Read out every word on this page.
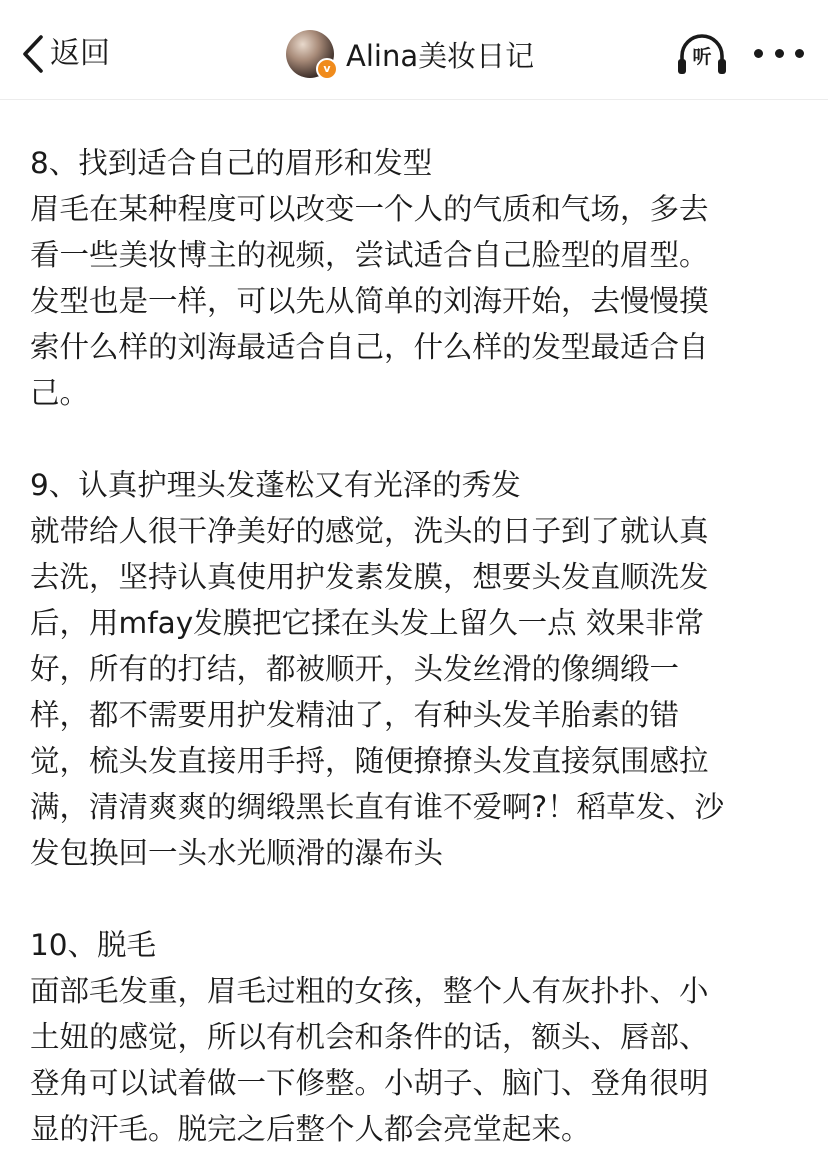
返回	v Alina美妆日记	听
8、找到适合自己的眉形和发型
眉毛在某种程度可以改变一个人的气质和气场，多去
看一些美妆博主的视频，尝试适合自己脸型的眉型。
发型也是一样，可以先从简单的刘海开始，去慢慢摸
索什么样的刘海最适合自己，什么样的发型最适合自
己。
9、认真护理头发蓬松又有光泽的秀发
就带给人很干净美好的感觉，洗头的日子到了就认真
去洗，坚持认真使用护发素发膜，想要头发直顺洗发
后，用mfay发膜把它揉在头发上留久一点 效果非常
好，所有的打结，都被顺开，头发丝滑的像绸缎一
样，都不需要用护发精油了，有种头发羊胎素的错
觉，梳头发直接用手捋，随便撩撩头发直接氛围感拉
满，清清爽爽的绸缎黑长直有谁不爱啊?！稻草发、沙
发包换回一头水光顺滑的瀑布头
10、脱毛
面部毛发重，眉毛过粗的女孩，整个人有灰扑扑、小
土妞的感觉，所以有机会和条件的话，额头、唇部、
登角可以试着做一下修整。小胡子、脑门、登角很明
显的汗毛。脱完之后整个人都会亮堂起来。
